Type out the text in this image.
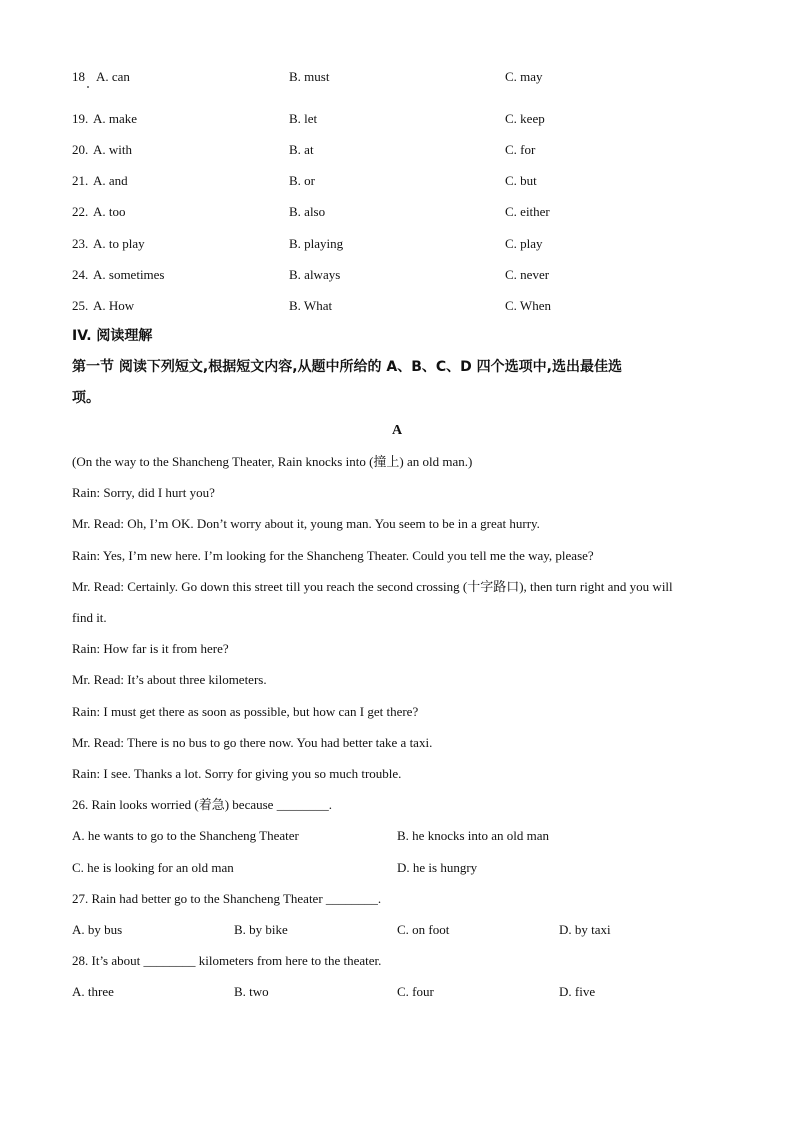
18 A. can	B. must	C. may
19. A. make	B. let	C. keep
20. A. with	B. at	C. for
21. A. and	B. or	C. but
22. A. too	B. also	C. either
23. A. to play	B. playing	C. play
24. A. sometimes	B. always	C. never
25. A. How	B. What	C. When
IV. 阅读理解
第一节 阅读下列短文,根据短文内容,从题中所给的 A、B、C、D 四个选项中,选出最佳选
项。
A
(On the way to the Shancheng Theater, Rain knocks into (撞上) an old man.)
Rain: Sorry, did I hurt you?
Mr. Read: Oh, I’m OK. Don’t worry about it, young man. You seem to be in a great hurry.
Rain: Yes, I’m new here. I’m looking for the Shancheng Theater. Could you tell me the way, please?
Mr. Read: Certainly. Go down this street till you reach the second crossing (十字路口), then turn right and you will
find it.
Rain: How far is it from here?
Mr. Read: It’s about three kilometers.
Rain: I must get there as soon as possible, but how can I get there?
Mr. Read: There is no bus to go there now. You had better take a taxi.
Rain: I see. Thanks a lot. Sorry for giving you so much trouble.
26. Rain looks worried (着急) because ________.
A. he wants to go to the Shancheng Theater	B. he knocks into an old man
C. he is looking for an old man	D. he is hungry
27. Rain had better go to the Shancheng Theater ________.
A. by bus	B. by bike	C. on foot	D. by taxi
28. It’s about ________ kilometers from here to the theater.
A. three	B. two	C. four	D. five
